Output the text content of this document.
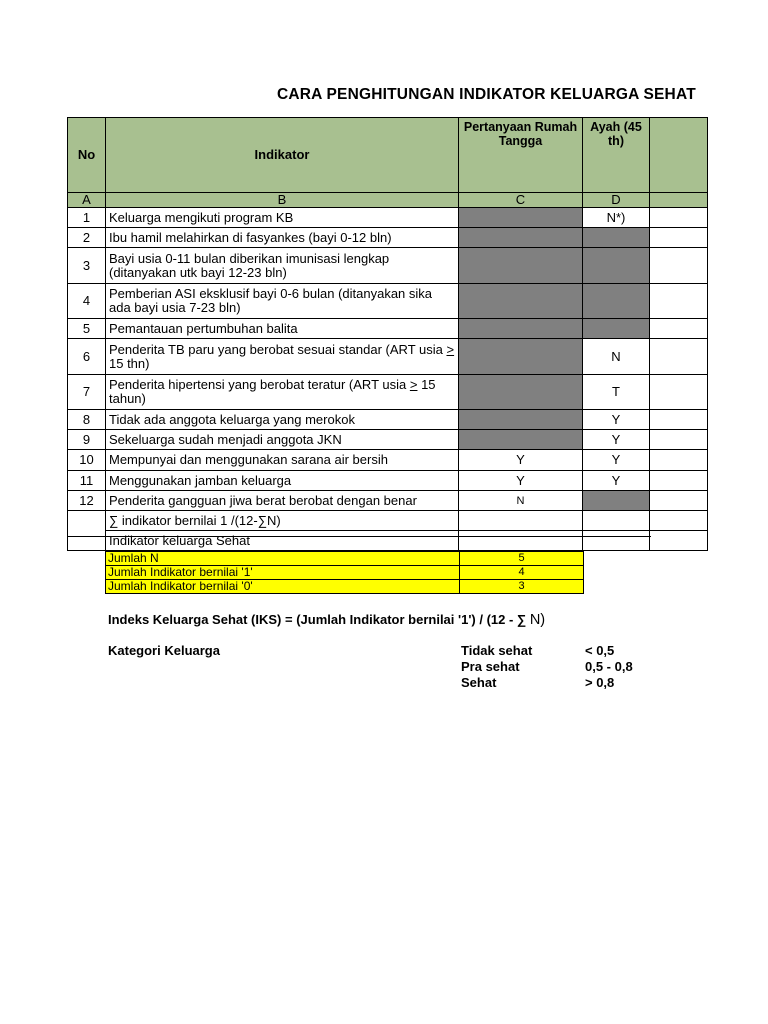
CARA PENGHITUNGAN INDIKATOR KELUARGA SEHAT
No	Indikator	Pertanyaan Rumah Tangga	Ayah (45 th)	
A	B	C	D	
1	Keluarga mengikuti program KB		N*)	
2	Ibu hamil melahirkan di fasyankes (bayi 0-12 bln)			
3	Bayi usia 0-11 bulan diberikan imunisasi lengkap (ditanyakan utk bayi 12-23 bln)			
4	Pemberian ASI eksklusif bayi 0-6 bulan (ditanyakan sika ada bayi usia 7-23 bln)			
5	Pemantauan pertumbuhan balita			
6	Penderita TB paru yang berobat sesuai standar (ART usia > 15 thn)		N	
7	Penderita hipertensi yang berobat teratur (ART usia ≥ 15 tahun)		T	
8	Tidak ada anggota keluarga yang merokok		Y	
9	Sekeluarga sudah menjadi anggota JKN		Y	
10	Mempunyai dan menggunakan sarana air bersih	Y	Y	
11	Menggunakan jamban keluarga	Y	Y	
12	Penderita gangguan jiwa berat berobat dengan benar	N		
	∑ indikator bernilai 1 /(12-∑N)			
	Indikator keluarga Sehat			
Jumlah N	5
Jumlah Indikator bernilai '1'	4
Jumlah Indikator bernilai '0'	3
Indeks Keluarga Sehat (IKS) = (Jumlah Indikator bernilai '1') / (12 - ∑ N)
Kategori Keluarga	Tidak sehat	< 0,5
Pra sehat	0,5 - 0,8
Sehat	> 0,8
